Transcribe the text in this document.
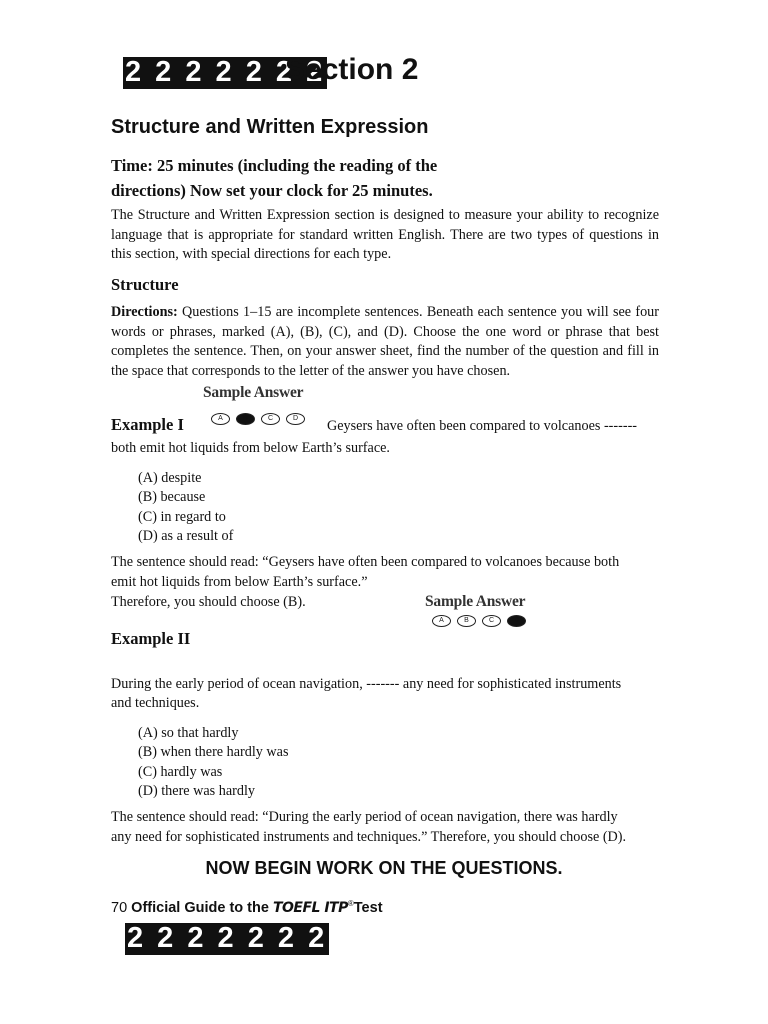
2 2 2 2 2 2 2
Section 2
Structure and Written Expression
Time: 25 minutes (including the reading of the
directions) Now set your clock for 25 minutes.
The Structure and Written Expression section is designed to measure your ability to recognize language that is appropriate for standard written English. There are two types of questions in this section, with special directions for each type.
Structure
Directions: Questions 1–15 are incomplete sentences. Beneath each sentence you will see four words or phrases, marked (A), (B), (C), and (D). Choose the one word or phrase that best completes the sentence. Then, on your answer sheet, find the number of the question and fill in the space that corresponds to the letter of the answer you have chosen.
Sample Answer
A	B	C	D
Example I	Geysers have often been compared to volcanoes -------
both emit hot liquids from below Earth’s surface.
(A) despite
(B) because
(C) in regard to
(D) as a result of
The sentence should read: “Geysers have often been compared to volcanoes because both
emit hot liquids from below Earth’s surface.”
Therefore, you should choose (B).	Sample Answer
A	B	C	D
Example II
During the early period of ocean navigation, ------- any need for sophisticated instruments
and techniques.
(A) so that hardly
(B) when there hardly was
(C) hardly was
(D) there was hardly
The sentence should read: “During the early period of ocean navigation, there was hardly
any need for sophisticated instruments and techniques.” Therefore, you should choose (D).
NOW BEGIN WORK ON THE QUESTIONS.
70 Official Guide to the TOEFL ITP®Test
2 2 2 2 2 2 2
